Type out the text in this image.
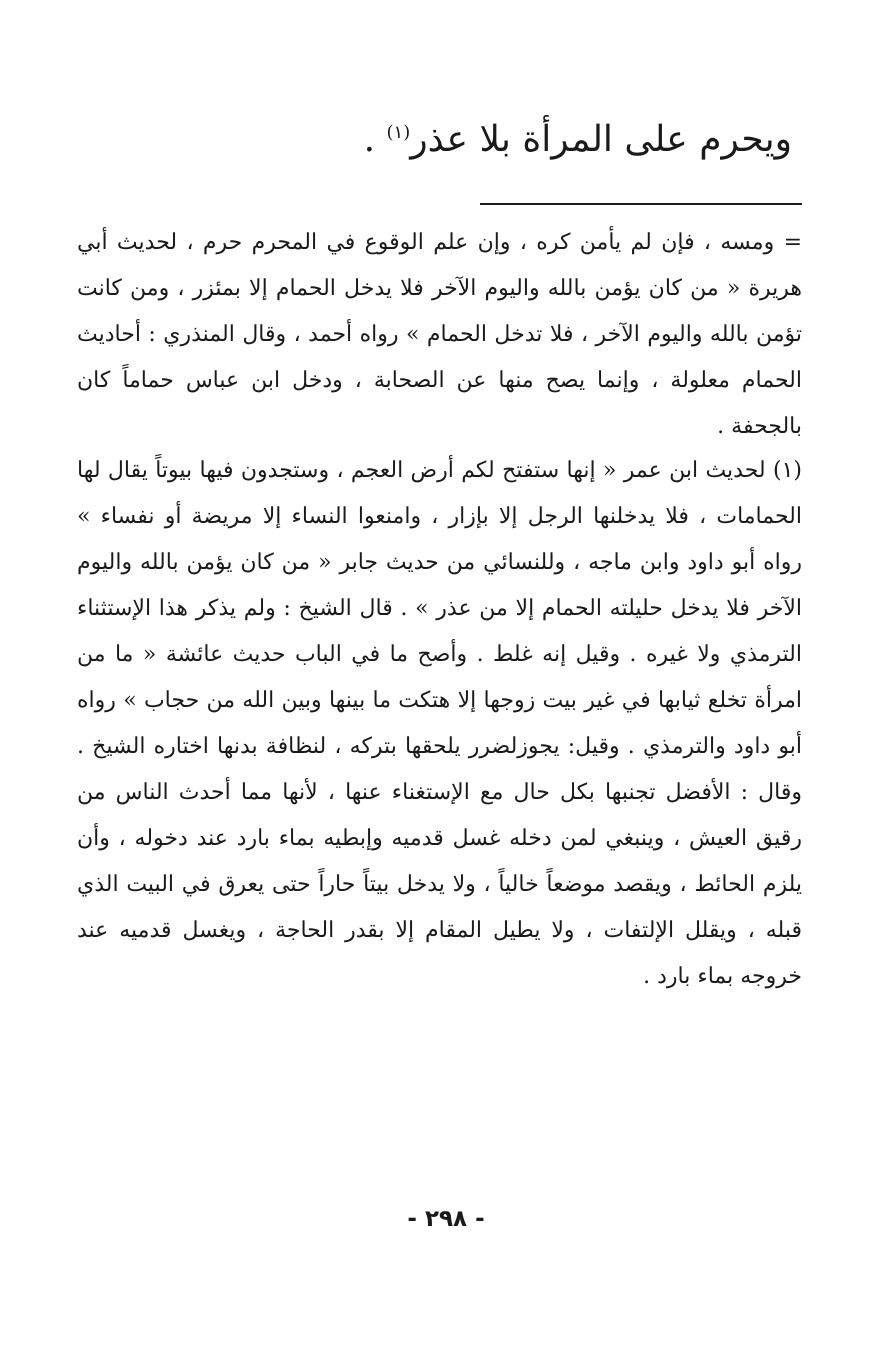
ويحرم على المرأة بلا عذر$^{(١)}$ .
= ومسه ، فإن لم يأمن كره ، وإن علم الوقوع في المحرم حرم ، لحديث أبي هريرة « من كان يؤمن بالله واليوم الآخر فلا يدخل الحمام إلا بمئزر ، ومن كانت تؤمن بالله واليوم الآخر ، فلا تدخل الحمام » رواه أحمد ، وقال المنذري : أحاديث الحمام معلولة ، وإنما يصح منها عن الصحابة ، ودخل ابن عباس حماماً كان بالجحفة .
(١) لحديث ابن عمر « إنها ستفتح لكم أرض العجم ، وستجدون فيها بيوتاً يقال لها الحمامات ، فلا يدخلنها الرجل إلا بإزار ، وامنعوا النساء إلا مريضة أو نفساء » رواه أبو داود وابن ماجه ، وللنسائي من حديث جابر « من كان يؤمن بالله واليوم الآخر فلا يدخل حليلته الحمام إلا من عذر » . قال الشيخ : ولم يذكر هذا الإستثناء الترمذي ولا غيره . وقيل إنه غلط . وأصح ما في الباب حديث عائشة « ما من امرأة تخلع ثيابها في غير بيت زوجها إلا هتكت ما بينها وبين الله من حجاب » رواه أبو داود والترمذي . وقيل: يجوزلضرر يلحقها بتركه ، لنظافة بدنها اختاره الشيخ . وقال : الأفضل تجنبها بكل حال مع الإستغناء عنها ، لأنها مما أحدث الناس من رقيق العيش ، وينبغي لمن دخله غسل قدميه وإبطيه بماء بارد عند دخوله ، وأن يلزم الحائط ، ويقصد موضعاً خالياً ، ولا يدخل بيتاً حاراً حتى يعرق في البيت الذي قبله ، ويقلل الإلتفات ، ولا يطيل المقام إلا بقدر الحاجة ، ويغسل قدميه عند خروجه بماء بارد .
- ٢٩٨ -
